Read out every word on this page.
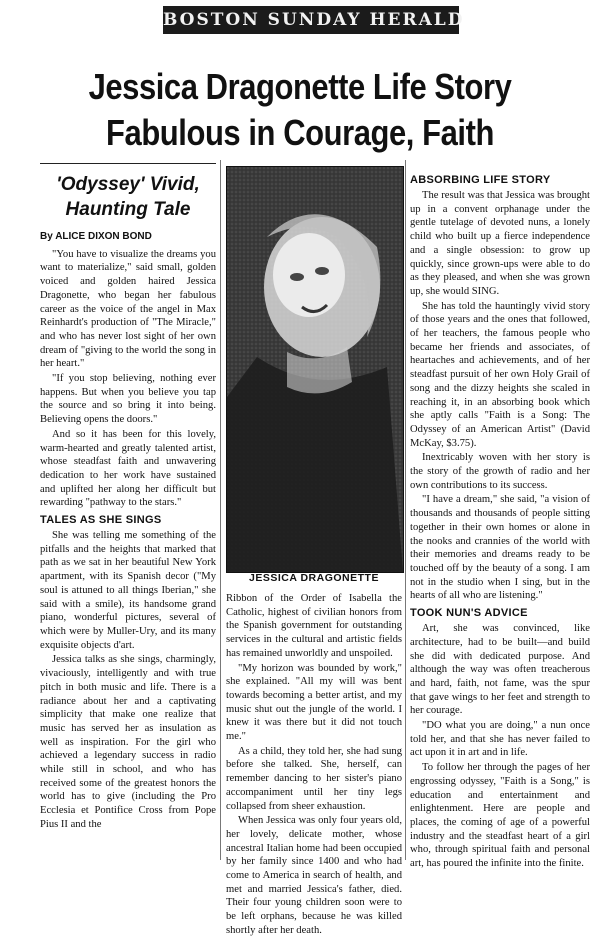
BOSTON SUNDAY HERALD
Jessica Dragonette Life Story
Fabulous in Courage, Faith
'Odyssey' Vivid,
Haunting Tale
By ALICE DIXON BOND

"You have to visualize the dreams you want to materialize," said small, golden voiced and golden haired Jessica Dragonette, who began her fabulous career as the voice of the angel in Max Reinhardt's production of "The Miracle," and who has never lost sight of her own dream of "giving to the world the song in her heart."

"If you stop believing, nothing ever happens. But when you believe you tap the source and so bring it into being. Believing opens the doors."

And so it has been for this lovely, warm-hearted and greatly talented artist, whose steadfast faith and unwavering dedication to her work have sustained and uplifted her along her difficult but rewarding "pathway to the stars."

TALES AS SHE SINGS

She was telling me something of the pitfalls and the heights that marked that path as we sat in her beautiful New York apartment, with its Spanish decor ("My soul is attuned to all things Iberian," she said with a smile), its handsome grand piano, wonderful pictures, several of which were by Muller-Ury, and its many exquisite objects d'art.

Jessica talks as she sings, charmingly, vivaciously, intelligently and with true pitch in both music and life. There is a radiance about her and a captivating simplicity that make one realize that music has served her as insulation as well as inspiration. For the girl who achieved a legendary success in radio while still in school, and who has received some of the greatest honors the world has to give (including the Pro Ecclesia et Pontifice Cross from Pope Pius II and the

JESSICA DRAGONETTE

Ribbon of the Order of Isabella the Catholic, highest of civilian honors from the Spanish government for outstanding services in the cultural and artistic fields has remained unworldly and unspoiled.

"My horizon was bounded by work," she explained. "All my will was bent towards becoming a better artist, and my music shut out the jungle of the world. I knew it was there but it did not touch me."

As a child, they told her, she had sung before she talked. She, herself, can remember dancing to her sister's piano accompaniment until her tiny legs collapsed from sheer exhaustion.

When Jessica was only four years old, her lovely, delicate mother, whose ancestral Italian home had been occupied by her family since 1400 and who had come to America in search of health, and met and married Jessica's father, died. Their four young children soon were to be left orphans, because he was killed shortly after her death.

ABSORBING LIFE STORY

The result was that Jessica was brought up in a convent orphanage under the gentle tutelage of devoted nuns, a lonely child who built up a fierce independence and a single obsession: to grow up quickly, since grown-ups were able to do as they pleased, and when she was grown up, she would SING.

She has told the hauntingly vivid story of those years and the ones that followed, of her teachers, the famous people who became her friends and associates, of heartaches and achievements, and of her steadfast pursuit of her own Holy Grail of song and the dizzy heights she scaled in reaching it, in an absorbing book which she aptly calls "Faith is a Song: The Odyssey of an American Artist" (David McKay, $3.75).

Inextricably woven with her story is the story of the growth of radio and her own contributions to its success.

"I have a dream," she said, "a vision of thousands and thousands of people sitting together in their own homes or alone in the nooks and crannies of the world with their memories and dreams ready to be touched off by the beauty of a song. I am not in the studio when I sing, but in the hearts of all who are listening."

TOOK NUN'S ADVICE

Art, she was convinced, like architecture, had to be built—and build she did with dedicated purpose. And although the way was often treacherous and hard, faith, not fame, was the spur that gave wings to her feet and strength to her courage.

"DO what you are doing," a nun once told her, and that she has never failed to act upon it in art and in life.

To follow her through the pages of her engrossing odyssey, "Faith is a Song," is education and entertainment and enlightenment. Here are people and places, the coming of age of a powerful industry and the steadfast heart of a girl who, through spiritual faith and personal art, has poured the infinite into the finite.
